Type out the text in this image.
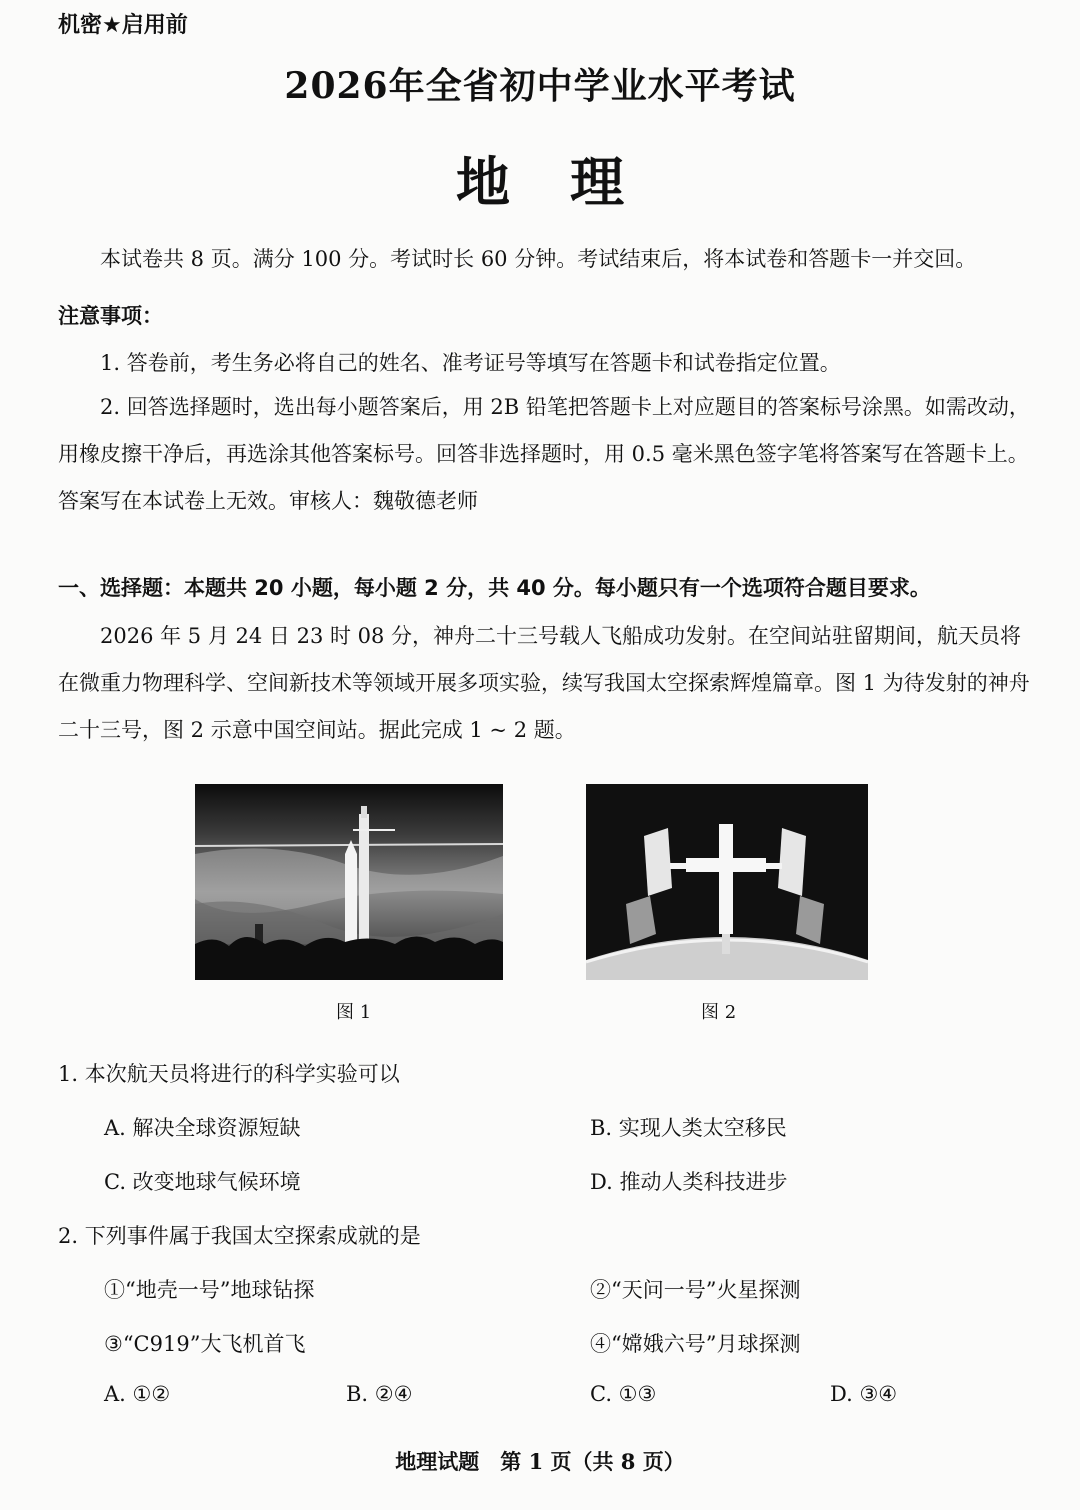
机密★启用前
2026年全省初中学业水平考试
地 理
本试卷共 8 页。满分 100 分。考试时长 60 分钟。考试结束后，将本试卷和答题卡一并交回。
注意事项：
1. 答卷前，考生务必将自己的姓名、准考证号等填写在答题卡和试卷指定位置。
2. 回答选择题时，选出每小题答案后，用 2B 铅笔把答题卡上对应题目的答案标号涂黑。如需改动，用橡皮擦干净后，再选涂其他答案标号。回答非选择题时，用 0.5 毫米黑色签字笔将答案写在答题卡上。答案写在本试卷上无效。审核人：魏敬德老师
一、选择题：本题共 20 小题，每小题 2 分，共 40 分。每小题只有一个选项符合题目要求。
2026 年 5 月 24 日 23 时 08 分，神舟二十三号载人飞船成功发射。在空间站驻留期间，航天员将在微重力物理科学、空间新技术等领域开展多项实验，续写我国太空探索辉煌篇章。图 1 为待发射的神舟二十三号，图 2 示意中国空间站。据此完成 1 ~ 2 题。
图 1	图 2
1. 本次航天员将进行的科学实验可以
A. 解决全球资源短缺	B. 实现人类太空移民
C. 改变地球气候环境	D. 推动人类科技进步
2. 下列事件属于我国太空探索成就的是
①“地壳一号”地球钻探	②“天问一号”火星探测
③“C919”大飞机首飞	④“嫦娥六号”月球探测
A. ①②	B. ②④	C. ①③	D. ③④
地理试题　第 1 页（共 8 页）
